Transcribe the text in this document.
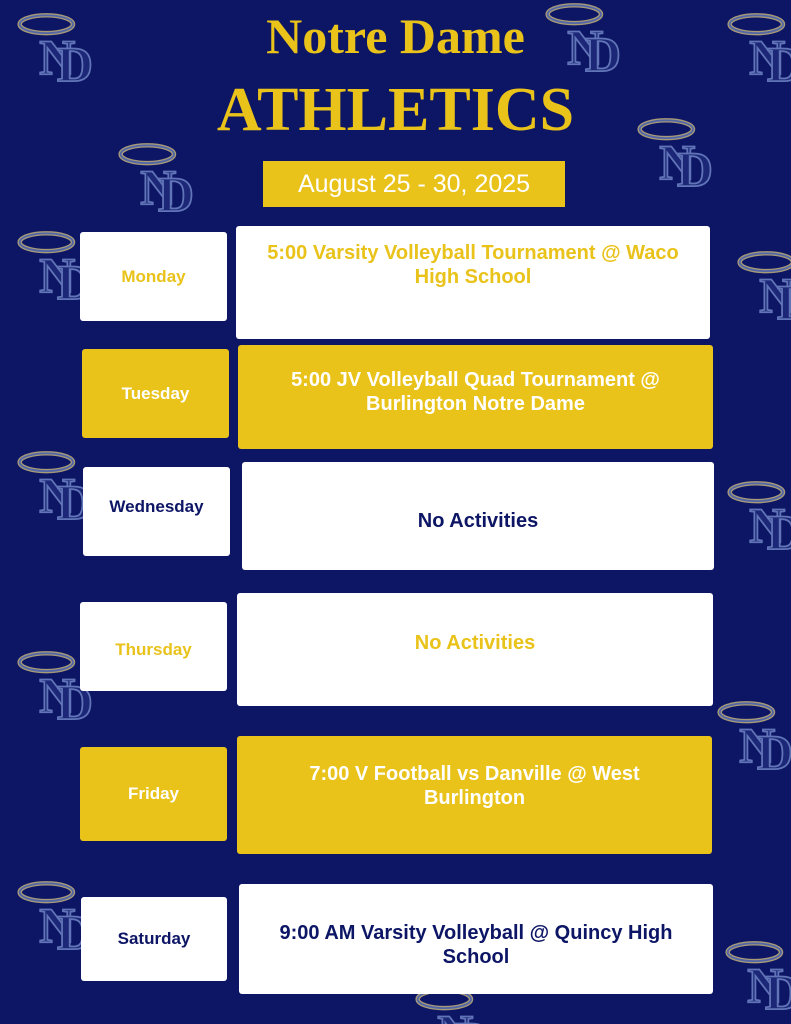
Notre Dame
ATHLETICS
August 25 - 30, 2025
Monday
5:00 Varsity Volleyball Tournament @ Waco High School
Tuesday
5:00 JV Volleyball Quad Tournament @ Burlington Notre Dame
Wednesday
No Activities
Thursday	No Activities
Friday
7:00 V Football vs Danville @ West Burlington
Saturday	9:00 AM Varsity Volleyball @ Quincy High School
